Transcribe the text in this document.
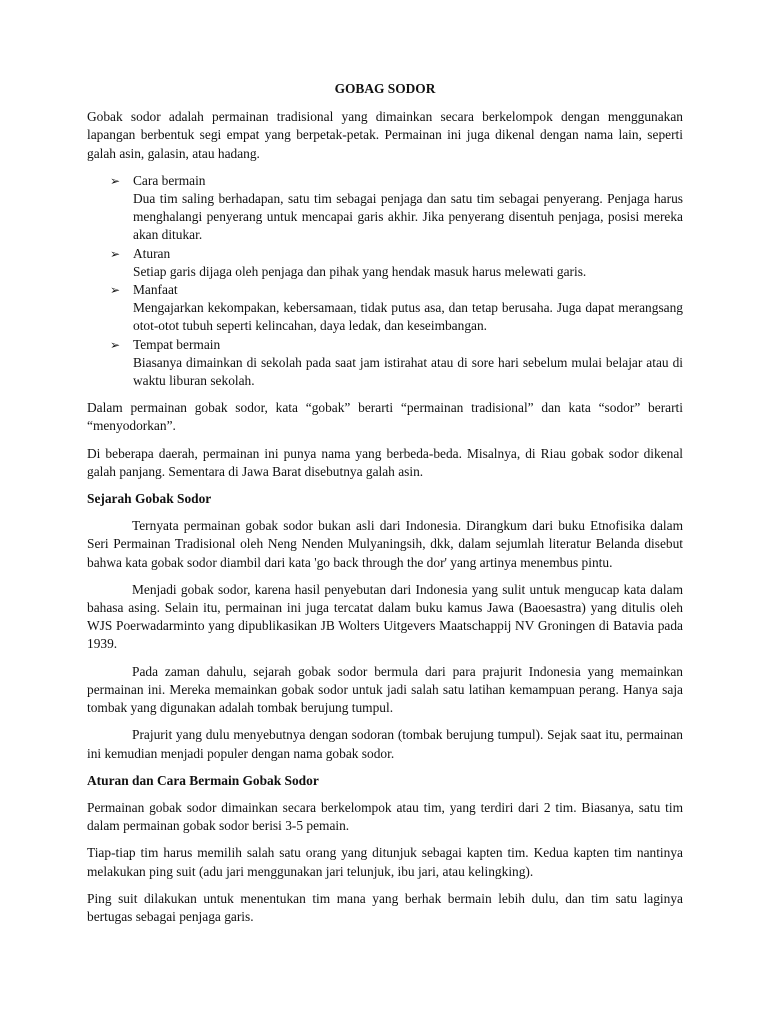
GOBAG SODOR

Gobak sodor adalah permainan tradisional yang dimainkan secara berkelompok dengan menggunakan lapangan berbentuk segi empat yang berpetak-petak. Permainan ini juga dikenal dengan nama lain, seperti galah asin, galasin, atau hadang.

➢ Cara bermain
Dua tim saling berhadapan, satu tim sebagai penjaga dan satu tim sebagai penyerang. Penjaga harus menghalangi penyerang untuk mencapai garis akhir. Jika penyerang disentuh penjaga, posisi mereka akan ditukar.
➢ Aturan
Setiap garis dijaga oleh penjaga dan pihak yang hendak masuk harus melewati garis.
➢ Manfaat
Mengajarkan kekompakan, kebersamaan, tidak putus asa, dan tetap berusaha. Juga dapat merangsang otot-otot tubuh seperti kelincahan, daya ledak, dan keseimbangan.
➢ Tempat bermain
Biasanya dimainkan di sekolah pada saat jam istirahat atau di sore hari sebelum mulai belajar atau di waktu liburan sekolah.

Dalam permainan gobak sodor, kata “gobak” berarti “permainan tradisional” dan kata “sodor” berarti “menyodorkan”.

Di beberapa daerah, permainan ini punya nama yang berbeda-beda. Misalnya, di Riau gobak sodor dikenal galah panjang. Sementara di Jawa Barat disebutnya galah asin.

Sejarah Gobak Sodor

Ternyata permainan gobak sodor bukan asli dari Indonesia. Dirangkum dari buku Etnofisika dalam Seri Permainan Tradisional oleh Neng Nenden Mulyaningsih, dkk, dalam sejumlah literatur Belanda disebut bahwa kata gobak sodor diambil dari kata 'go back through the dor' yang artinya menembus pintu.

Menjadi gobak sodor, karena hasil penyebutan dari Indonesia yang sulit untuk mengucap kata dalam bahasa asing. Selain itu, permainan ini juga tercatat dalam buku kamus Jawa (Baoesastra) yang ditulis oleh WJS Poerwadarminto yang dipublikasikan JB Wolters Uitgevers Maatschappij NV Groningen di Batavia pada 1939.

Pada zaman dahulu, sejarah gobak sodor bermula dari para prajurit Indonesia yang memainkan permainan ini. Mereka memainkan gobak sodor untuk jadi salah satu latihan kemampuan perang. Hanya saja tombak yang digunakan adalah tombak berujung tumpul.

Prajurit yang dulu menyebutnya dengan sodoran (tombak berujung tumpul). Sejak saat itu, permainan ini kemudian menjadi populer dengan nama gobak sodor.

Aturan dan Cara Bermain Gobak Sodor

Permainan gobak sodor dimainkan secara berkelompok atau tim, yang terdiri dari 2 tim. Biasanya, satu tim dalam permainan gobak sodor berisi 3-5 pemain.

Tiap-tiap tim harus memilih salah satu orang yang ditunjuk sebagai kapten tim. Kedua kapten tim nantinya melakukan ping suit (adu jari menggunakan jari telunjuk, ibu jari, atau kelingking).

Ping suit dilakukan untuk menentukan tim mana yang berhak bermain lebih dulu, dan tim satu laginya bertugas sebagai penjaga garis.
